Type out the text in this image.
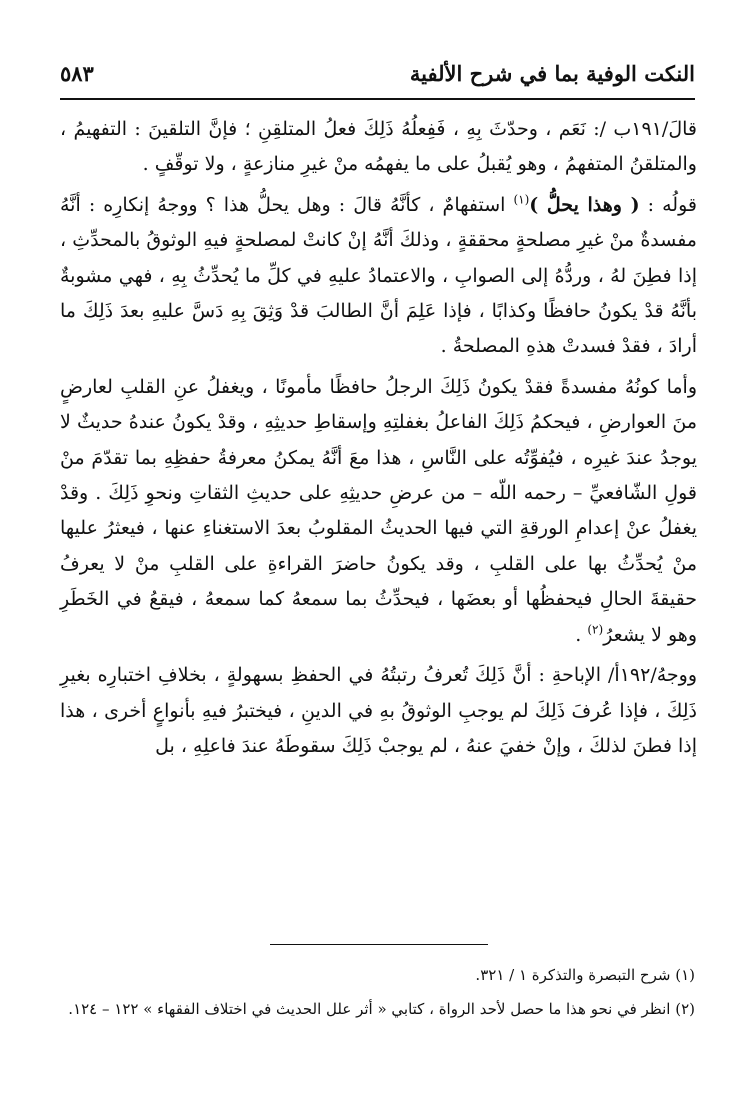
النكت الوفية بما في شرح الألفية
٥٨٣

قالَ/١٩١ب /: نَعَم ، وحدّثَ بِهِ ، فَفِعلُهُ ذَلِكَ فعلُ المتلقِنِ ؛ فإنَّ التلقينَ : التفهيمُ ، والمتلقنُ المتفهمُ ، وهو يُقبلُ على ما يفهمُه منْ غيرِ منازعةٍ ، ولا توقّفٍ .

قولُه : ( وهذا يحلُّ )$^{(١)}$ استفهامٌ ، كأنَّهُ قالَ : وهل يحلُّ هذا ؟ ووجهُ إنكارِه : أنَّهُ مفسدةٌ منْ غيرِ مصلحةٍ محققةٍ ، وذلكَ أنَّهُ إنْ كانتْ لمصلحةٍ فيهِ الوثوقُ بالمحدِّثِ ، إذا فطِنَ لهُ ، وردُّهُ إلى الصوابِ ، والاعتمادُ عليهِ في كلِّ ما يُحدِّثُ بِهِ ، فهي مشوبةٌ بأنَّهُ قدْ يكونُ حافظًا وكذابًا ، فإذا عَلِمَ أنَّ الطالبَ قدْ وَثِقَ بِهِ دَسَّ عليهِ بعدَ ذَلِكَ ما أرادَ ، فقدْ فسدتْ هذهِ المصلحةُ .

وأما كونُهُ مفسدةً فقدْ يكونُ ذَلِكَ الرجلُ حافظًا مأمونًا ، ويغفلُ عنِ القلبِ لعارضٍ منَ العوارضِ ، فيحكمُ ذَلِكَ الفاعلُ بغفلتِهِ وإسقاطِ حديثِهِ ، وقدْ يكونُ عندهُ حديثٌ لا يوجدُ عندَ غيرِه ، فيُفوِّتُه على النَّاسِ ، هذا معَ أنَّهُ يمكنُ معرفةُ حفظِهِ بما تقدّمَ منْ قولِ الشّافعيِّ – رحمه اللّه – من عرضِ حديثِهِ على حديثِ الثقاتِ ونحوِ ذَلِكَ . وقدْ يغفلُ عنْ إعدامِ الورقةِ التي فيها الحديثُ المقلوبُ بعدَ الاستغناءِ عنها ، فيعثرُ عليها منْ يُحدِّثُ بها على القلبِ ، وقد يكونُ حاضرَ القراءةِ على القلبِ منْ لا يعرفُ حقيقةَ الحالِ فيحفظُها أو بعضَها ، فيحدِّثُ بما سمعهُ كما سمعهُ ، فيقعُ في الخَطَرِ وهو لا يشعرُ$^{(٢)}$ .

ووجهُ/١٩٢أ/ الإباحةِ : أنَّ ذَلِكَ تُعرفُ رتبتُهُ في الحفظِ بسهولةٍ ، بخلافِ اختبارِه بغيرِ ذَلِكَ ، فإذا عُرفَ ذَلِكَ لم يوجبِ الوثوقُ بهِ في الدينِ ، فيختبرُ فيهِ بأنواعٍ أخرى ، هذا إذا فطنَ لذلكَ ، وإنْ خفيَ عنهُ ، لم يوجبْ ذَلِكَ سقوطَهُ عندَ فاعلِهِ ، بل

(١) شرح التبصرة والتذكرة ١ / ٣٢١.

(٢) انظر في نحو هذا ما حصل لأحد الرواة ، كتابي « أثر علل الحديث في اختلاف الفقهاء » ١٢٢ – ١٢٤.
